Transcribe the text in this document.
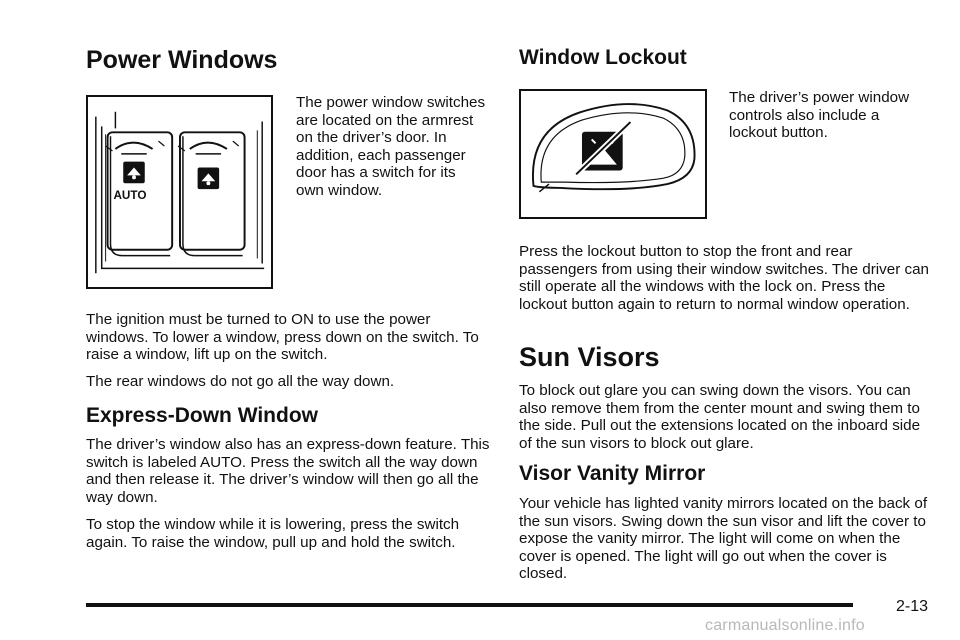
Power Windows
AUTO

The power window switches are located on the armrest on the driver’s door. In addition, each passenger door has a switch for its own window.

The ignition must be turned to ON to use the power windows. To lower a window, press down on the switch. To raise a window, lift up on the switch.

The rear windows do not go all the way down.

Express-Down Window

The driver’s window also has an express-down feature. This switch is labeled AUTO. Press the switch all the way down and then release it. The driver’s window will then go all the way down.

To stop the window while it is lowering, press the switch again. To raise the window, pull up and hold the switch.

Window Lockout

The driver’s power window controls also include a lockout button.

Press the lockout button to stop the front and rear passengers from using their window switches. The driver can still operate all the windows with the lock on. Press the lockout button again to return to normal window operation.

Sun Visors

To block out glare you can swing down the visors. You can also remove them from the center mount and swing them to the side. Pull out the extensions located on the inboard side of the sun visors to block out glare.

Visor Vanity Mirror

Your vehicle has lighted vanity mirrors located on the back of the sun visors. Swing down the sun visor and lift the cover to expose the vanity mirror. The light will come on when the cover is opened. The light will go out when the cover is closed.

2-13
carmanualsonline.info
